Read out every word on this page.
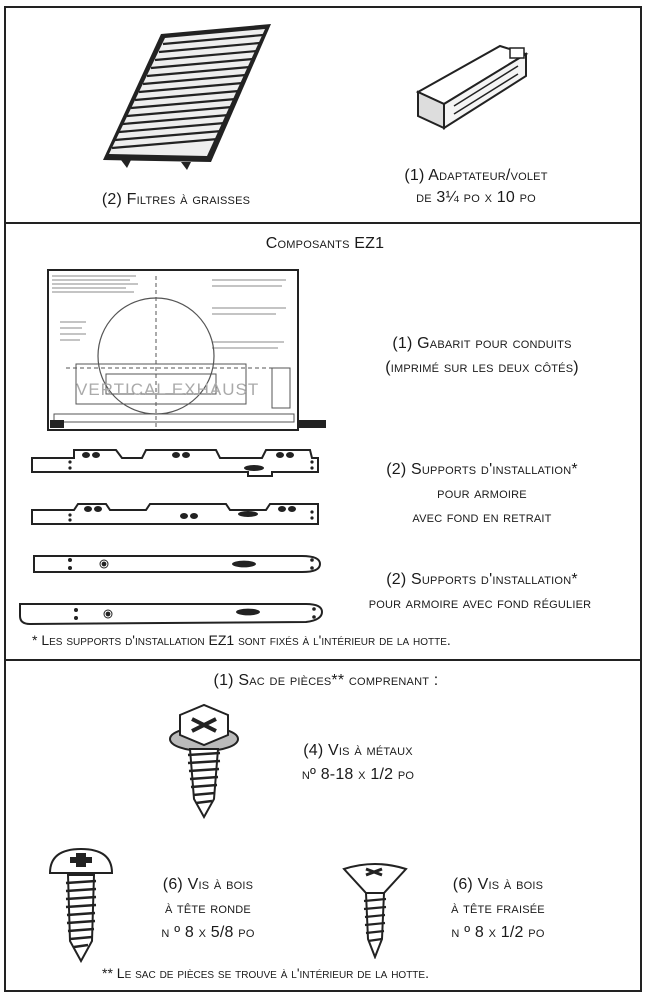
(2) Filtres à graisses
(1) Adaptateur/volet
de 3¼ po x 10 po
Composants EZ1
VERTICAL EXHAUST
(1) Gabarit pour conduits
(imprimé sur les deux côtés)
(2) Supports d'installation*
pour armoire
avec fond en retrait
(2) Supports d'installation*
pour armoire avec fond régulier
* Les supports d'installation EZ1 sont fixés à l'intérieur de la hotte.
(1) Sac de pièces** comprenant :
(4) Vis à métaux
nº 8-18 x 1/2 po
(6) Vis à bois
à tête ronde
n º 8 x 5/8 po
(6) Vis à bois
à tête fraisée
n º 8 x 1/2 po
** Le sac de pièces se trouve à l'intérieur de la hotte.
